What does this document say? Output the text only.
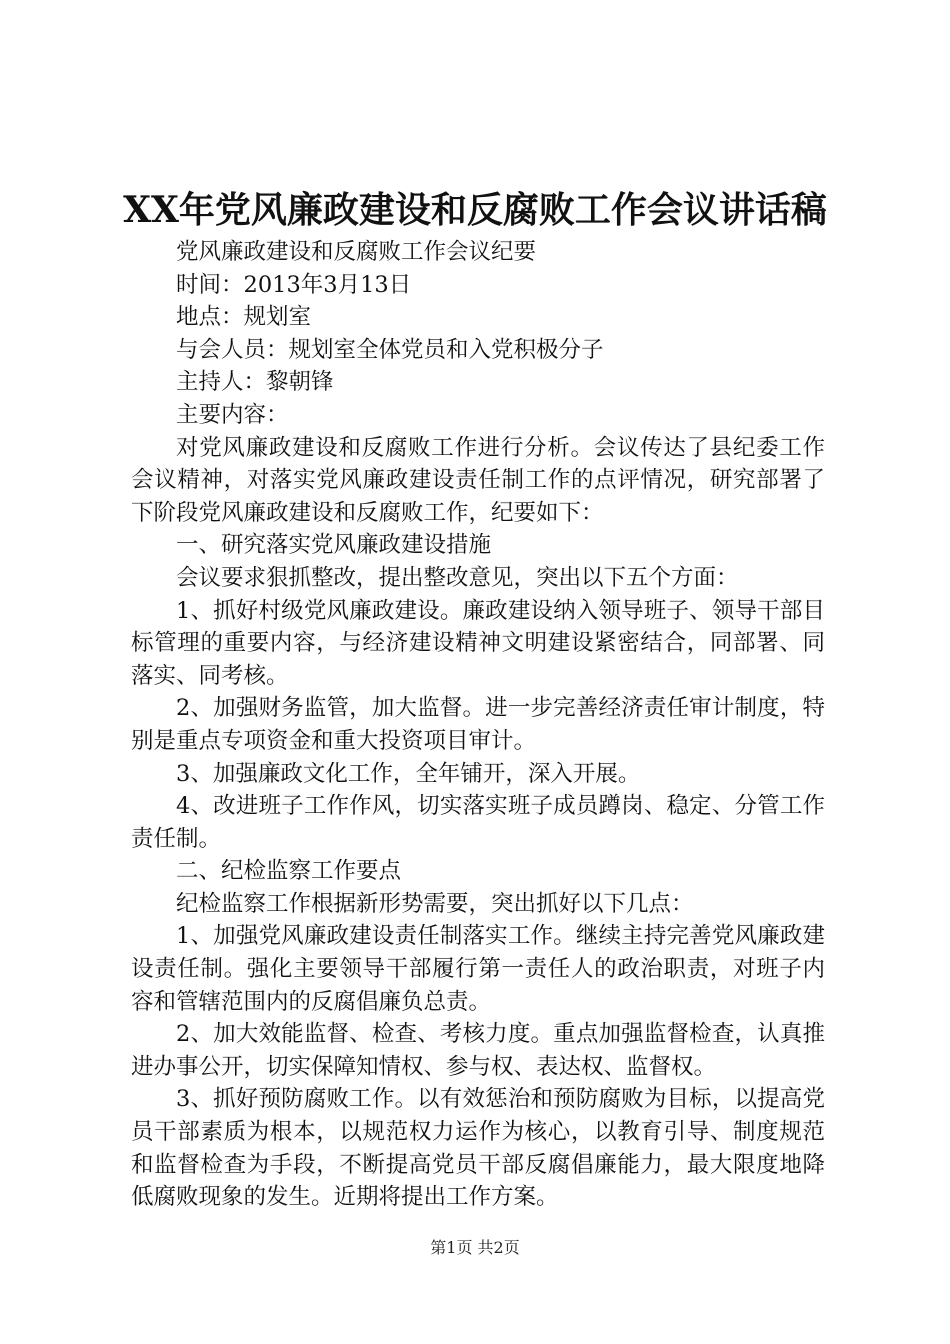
XX年党风廉政建设和反腐败工作会议讲话稿

党风廉政建设和反腐败工作会议纪要

时间：2013年3月13日

地点：规划室

与会人员：规划室全体党员和入党积极分子

主持人：黎朝锋

主要内容：

对党风廉政建设和反腐败工作进行分析。会议传达了县纪委工作会议精神，对落实党风廉政建设责任制工作的点评情况，研究部署了下阶段党风廉政建设和反腐败工作，纪要如下：

一、研究落实党风廉政建设措施

会议要求狠抓整改，提出整改意见，突出以下五个方面：

1、抓好村级党风廉政建设。廉政建设纳入领导班子、领导干部目标管理的重要内容，与经济建设精神文明建设紧密结合，同部署、同落实、同考核。

2、加强财务监管，加大监督。进一步完善经济责任审计制度，特别是重点专项资金和重大投资项目审计。

3、加强廉政文化工作，全年铺开，深入开展。

4、改进班子工作作风，切实落实班子成员蹲岗、稳定、分管工作责任制。

二、纪检监察工作要点

纪检监察工作根据新形势需要，突出抓好以下几点：

1、加强党风廉政建设责任制落实工作。继续主持完善党风廉政建设责任制。强化主要领导干部履行第一责任人的政治职责，对班子内容和管辖范围内的反腐倡廉负总责。

2、加大效能监督、检查、考核力度。重点加强监督检查，认真推进办事公开，切实保障知情权、参与权、表达权、监督权。

3、抓好预防腐败工作。以有效惩治和预防腐败为目标，以提高党员干部素质为根本，以规范权力运作为核心，以教育引导、制度规范和监督检查为手段，不断提高党员干部反腐倡廉能力，最大限度地降低腐败现象的发生。近期将提出工作方案。

第1页 共2页
